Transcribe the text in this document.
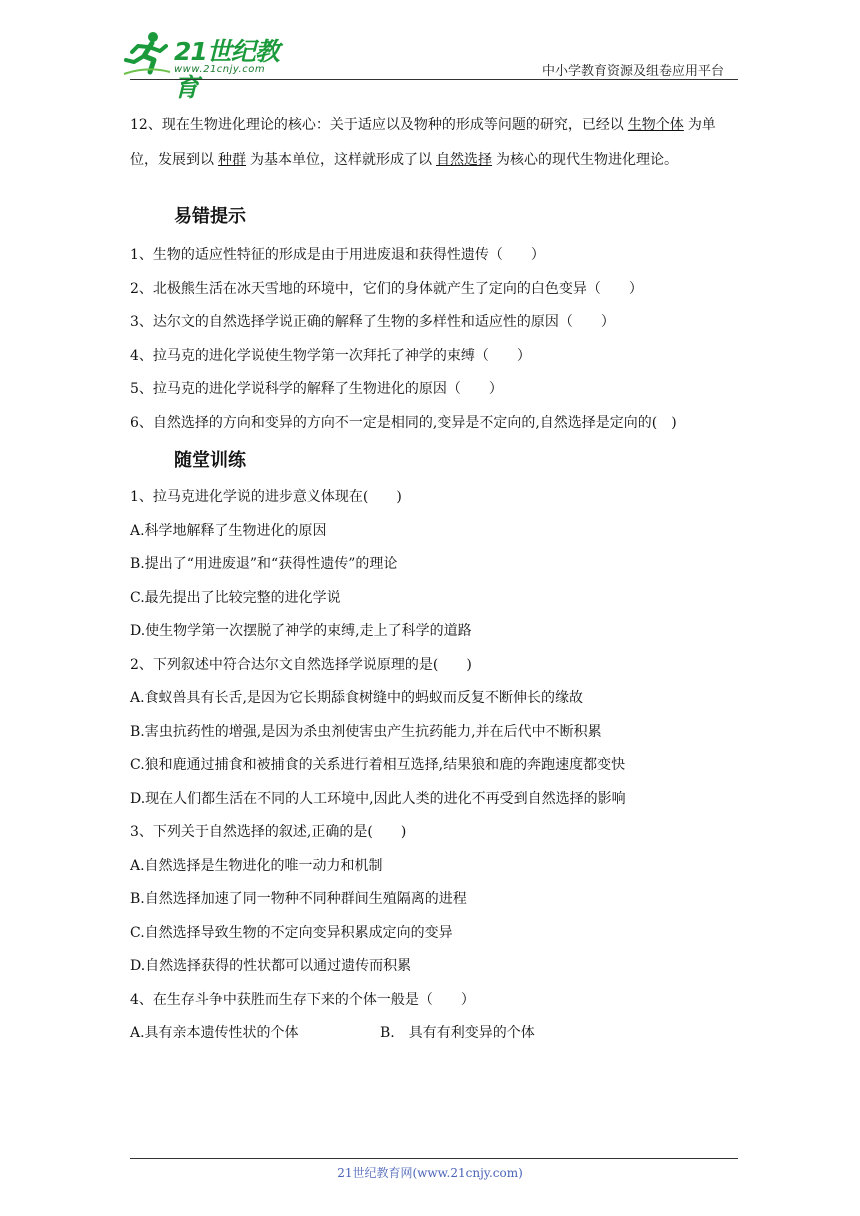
21世纪教育
www.21cnjy.com	中小学教育资源及组卷应用平台

12、现在生物进化理论的核心：关于适应以及物种的形成等问题的研究，已经以 生物个体 为单位，发展到以 种群 为基本单位，这样就形成了以 自然选择 为核心的现代生物进化理论。

易错提示

1、生物的适应性特征的形成是由于用进废退和获得性遗传（　　）

2、北极熊生活在冰天雪地的环境中，它们的身体就产生了定向的白色变异（　　）

3、达尔文的自然选择学说正确的解释了生物的多样性和适应性的原因（　　）

4、拉马克的进化学说使生物学第一次拜托了神学的束缚（　　）

5、拉马克的进化学说科学的解释了生物进化的原因（　　）

6、自然选择的方向和变异的方向不一定是相同的,变异是不定向的,自然选择是定向的(　)

随堂训练

1、拉马克进化学说的进步意义体现在(　　)

A.科学地解释了生物进化的原因

B.提出了“用进废退”和“获得性遗传”的理论

C.最先提出了比较完整的进化学说

D.使生物学第一次摆脱了神学的束缚,走上了科学的道路

2、下列叙述中符合达尔文自然选择学说原理的是(　　)

A.食蚁兽具有长舌,是因为它长期舔食树缝中的蚂蚁而反复不断伸长的缘故

B.害虫抗药性的增强,是因为杀虫剂使害虫产生抗药能力,并在后代中不断积累

C.狼和鹿通过捕食和被捕食的关系进行着相互选择,结果狼和鹿的奔跑速度都变快

D.现在人们都生活在不同的人工环境中,因此人类的进化不再受到自然选择的影响

3、下列关于自然选择的叙述,正确的是(　　)

A.自然选择是生物进化的唯一动力和机制

B.自然选择加速了同一物种不同种群间生殖隔离的进程

C.自然选择导致生物的不定向变异积累成定向的变异

D.自然选择获得的性状都可以通过遗传而积累

4、在生存斗争中获胜而生存下来的个体一般是（　　）

A.具有亲本遗传性状的个体	B.　具有有利变异的个体
21世纪教育网(www.21cnjy.com)
